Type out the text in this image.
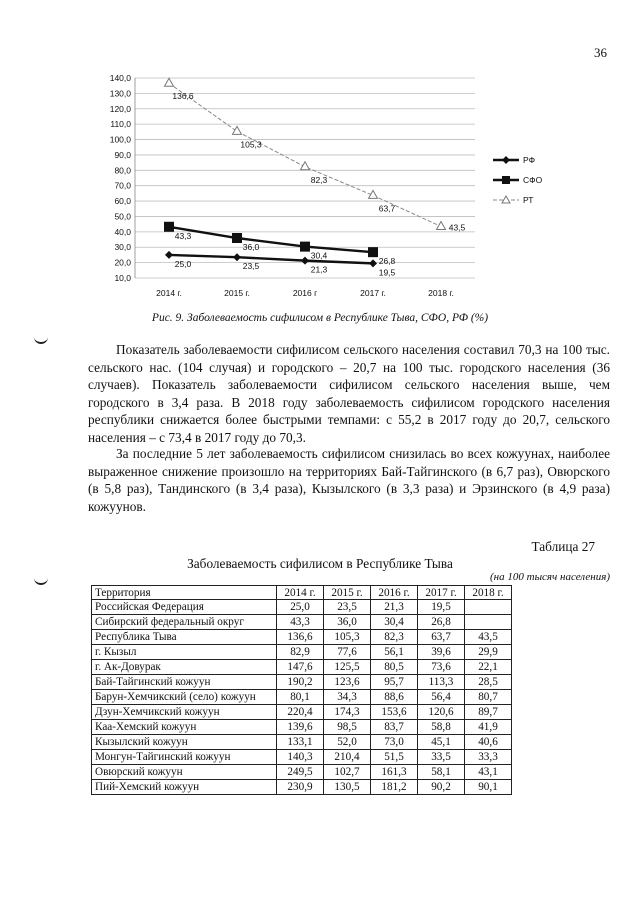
36
10,0
20,0
30,0
40,0
50,0
60,0
70,0
80,0
90,0
100,0
110,0
120,0
130,0
140,0
2014 г.	2015 г.	2016 г	2017 г.	2018 г.
25,0	23,5	21,3	19,5
43,3
36,0
30,4
26,8
136,6
105,3
82,3
63,7
43,5
РФ
СФО
РТ
Рис. 9. Заболеваемость сифилисом в Республике Тыва, СФО, РФ (%)

Показатель заболеваемости сифилисом сельского населения составил 70,3 на 100 тыс. сельского нас. (104 случая) и городского – 20,7 на 100 тыс. городского населения (36 случаев). Показатель заболеваемости сифилисом сельского населения выше, чем городского в 3,4 раза. В 2018 году заболеваемость сифилисом городского населения республики снижается более быстрыми темпами: с 55,2 в 2017 году до 20,7, сельского населения – с 73,4 в 2017 году до 70,3.

За последние 5 лет заболеваемость сифилисом снизилась во всех кожуунах, наиболее выраженное снижение произошло на территориях Бай-Тайгинского (в 6,7 раз), Овюрского (в 5,8 раз), Тандинского (в 3,4 раза), Кызылского (в 3,3 раза) и Эрзинского (в 4,9 раза) кожуунов.

Таблица 27
Заболеваемость сифилисом в Республике Тыва
(на 100 тысяч населения)
Территория	2014 г.	2015 г.	2016 г.	2017 г.	2018 г.
Российская Федерация	25,0	23,5	21,3	19,5	
Сибирский федеральный округ	43,3	36,0	30,4	26,8	
Республика Тыва	136,6	105,3	82,3	63,7	43,5
г. Кызыл	82,9	77,6	56,1	39,6	29,9
г. Ак-Довурак	147,6	125,5	80,5	73,6	22,1
Бай-Тайгинский кожуун	190,2	123,6	95,7	113,3	28,5
Барун-Хемчикский (село) кожуун	80,1	34,3	88,6	56,4	80,7
Дзун-Хемчикский кожуун	220,4	174,3	153,6	120,6	89,7
Каа-Хемский кожуун	139,6	98,5	83,7	58,8	41,9
Кызылский кожуун	133,1	52,0	73,0	45,1	40,6
Монгун-Тайгинский кожуун	140,3	210,4	51,5	33,5	33,3
Овюрский кожуун	249,5	102,7	161,3	58,1	43,1
Пий-Хемский кожуун	230,9	130,5	181,2	90,2	90,1
